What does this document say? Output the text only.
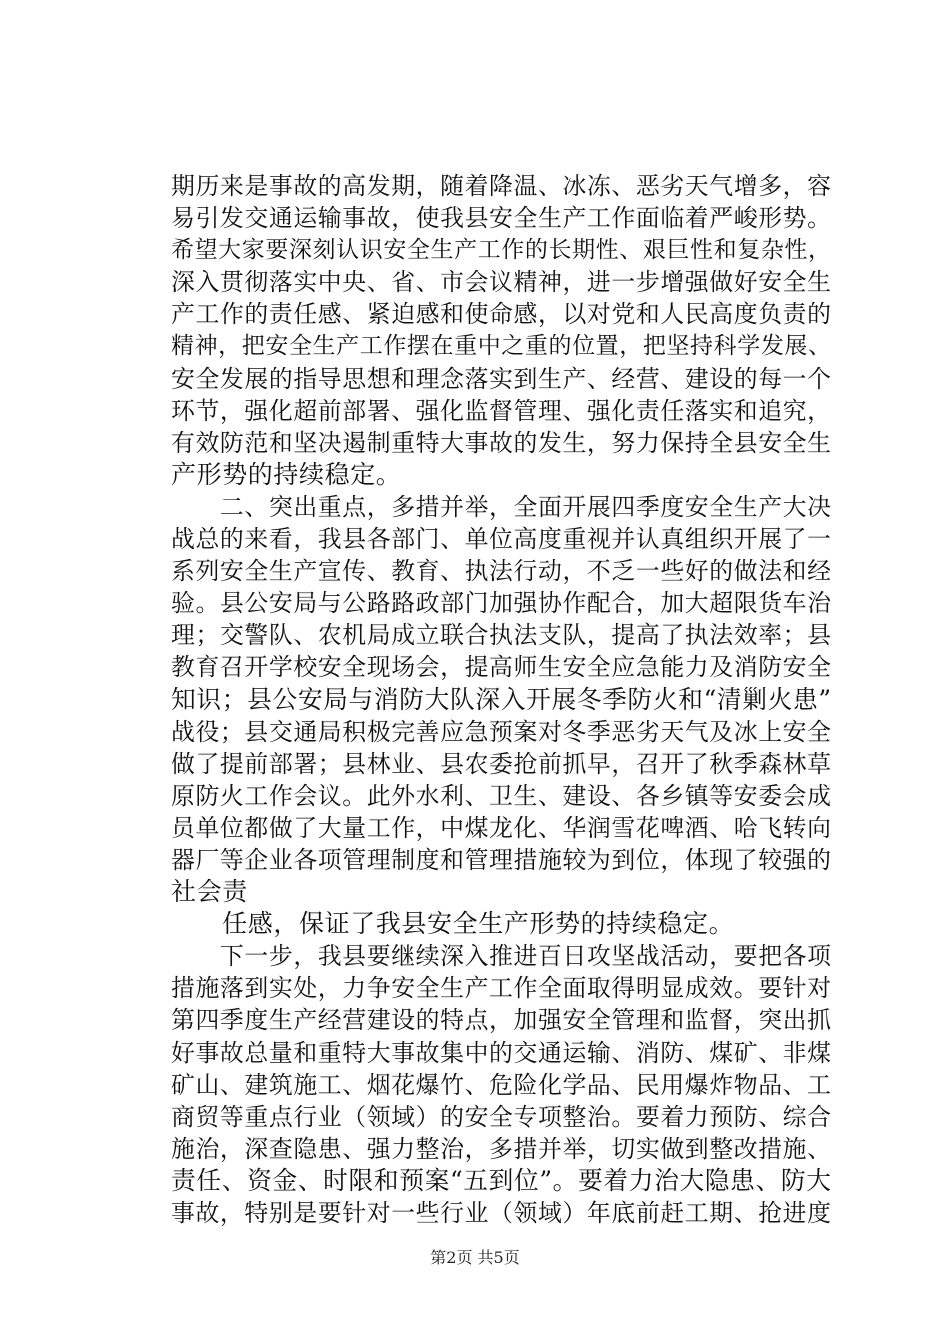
期历来是事故的高发期，随着降温、冰冻、恶劣天气增多，容
易引发交通运输事故，使我县安全生产工作面临着严峻形势。
希望大家要深刻认识安全生产工作的长期性、艰巨性和复杂性，
深入贯彻落实中央、省、市会议精神，进一步增强做好安全生
产工作的责任感、紧迫感和使命感，以对党和人民高度负责的
精神，把安全生产工作摆在重中之重的位置，把坚持科学发展、
安全发展的指导思想和理念落实到生产、经营、建设的每一个
环节，强化超前部署、强化监督管理、强化责任落实和追究，
有效防范和坚决遏制重特大事故的发生，努力保持全县安全生
产形势的持续稳定。
　　二、突出重点，多措并举，全面开展四季度安全生产大决
战总的来看，我县各部门、单位高度重视并认真组织开展了一
系列安全生产宣传、教育、执法行动，不乏一些好的做法和经
验。县公安局与公路路政部门加强协作配合，加大超限货车治
理；交警队、农机局成立联合执法支队，提高了执法效率；县
教育召开学校安全现场会，提高师生安全应急能力及消防安全
知识；县公安局与消防大队深入开展冬季防火和“清剿火患”
战役；县交通局积极完善应急预案对冬季恶劣天气及冰上安全
做了提前部署；县林业、县农委抢前抓早，召开了秋季森林草
原防火工作会议。此外水利、卫生、建设、各乡镇等安委会成
员单位都做了大量工作，中煤龙化、华润雪花啤酒、哈飞转向
器厂等企业各项管理制度和管理措施较为到位，体现了较强的
社会责
　　任感，保证了我县安全生产形势的持续稳定。
　　下一步，我县要继续深入推进百日攻坚战活动，要把各项
措施落到实处，力争安全生产工作全面取得明显成效。要针对
第四季度生产经营建设的特点，加强安全管理和监督，突出抓
好事故总量和重特大事故集中的交通运输、消防、煤矿、非煤
矿山、建筑施工、烟花爆竹、危险化学品、民用爆炸物品、工
商贸等重点行业（领域）的安全专项整治。要着力预防、综合
施治，深查隐患、强力整治，多措并举，切实做到整改措施、
责任、资金、时限和预案“五到位”。要着力治大隐患、防大
事故，特别是要针对一些行业（领域）年底前赶工期、抢进度
第2页 共5页
